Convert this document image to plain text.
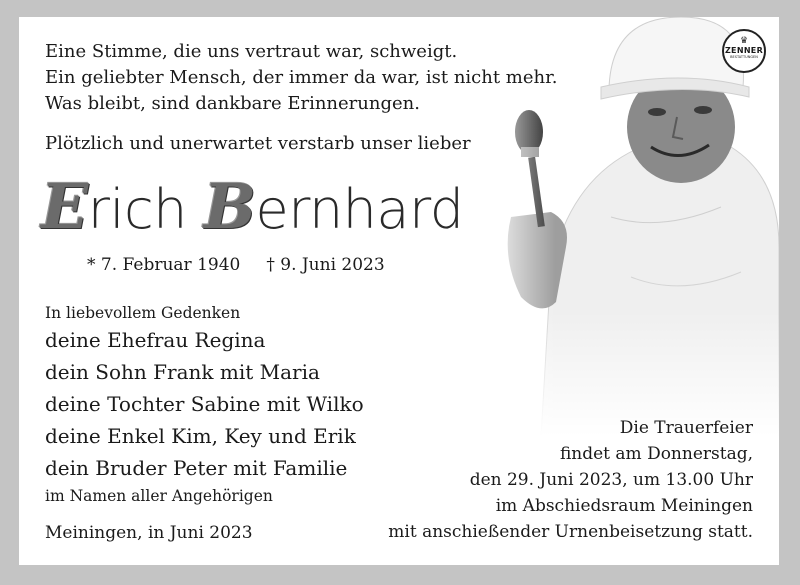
♛
ZENNER
BESTATTUNGEN
Eine Stimme, die uns vertraut war, schweigt.
Ein geliebter Mensch, der immer da war, ist nicht mehr.
Was bleibt, sind dankbare Erinnerungen.
Plötzlich und unerwartet verstarb unser lieber
Erich Bernhard
* 7. Februar 1940 † 9. Juni 2023
In liebevollem Gedenken
deine Ehefrau Regina
dein Sohn Frank mit Maria
deine Tochter Sabine mit Wilko
deine Enkel Kim, Key und Erik
dein Bruder Peter mit Familie
im Namen aller Angehörigen
Meiningen, in Juni 2023
Die Trauerfeier
findet am Donnerstag,
den 29. Juni 2023, um 13.00 Uhr
im Abschiedsraum Meiningen
mit anschießender Urnenbeisetzung statt.
